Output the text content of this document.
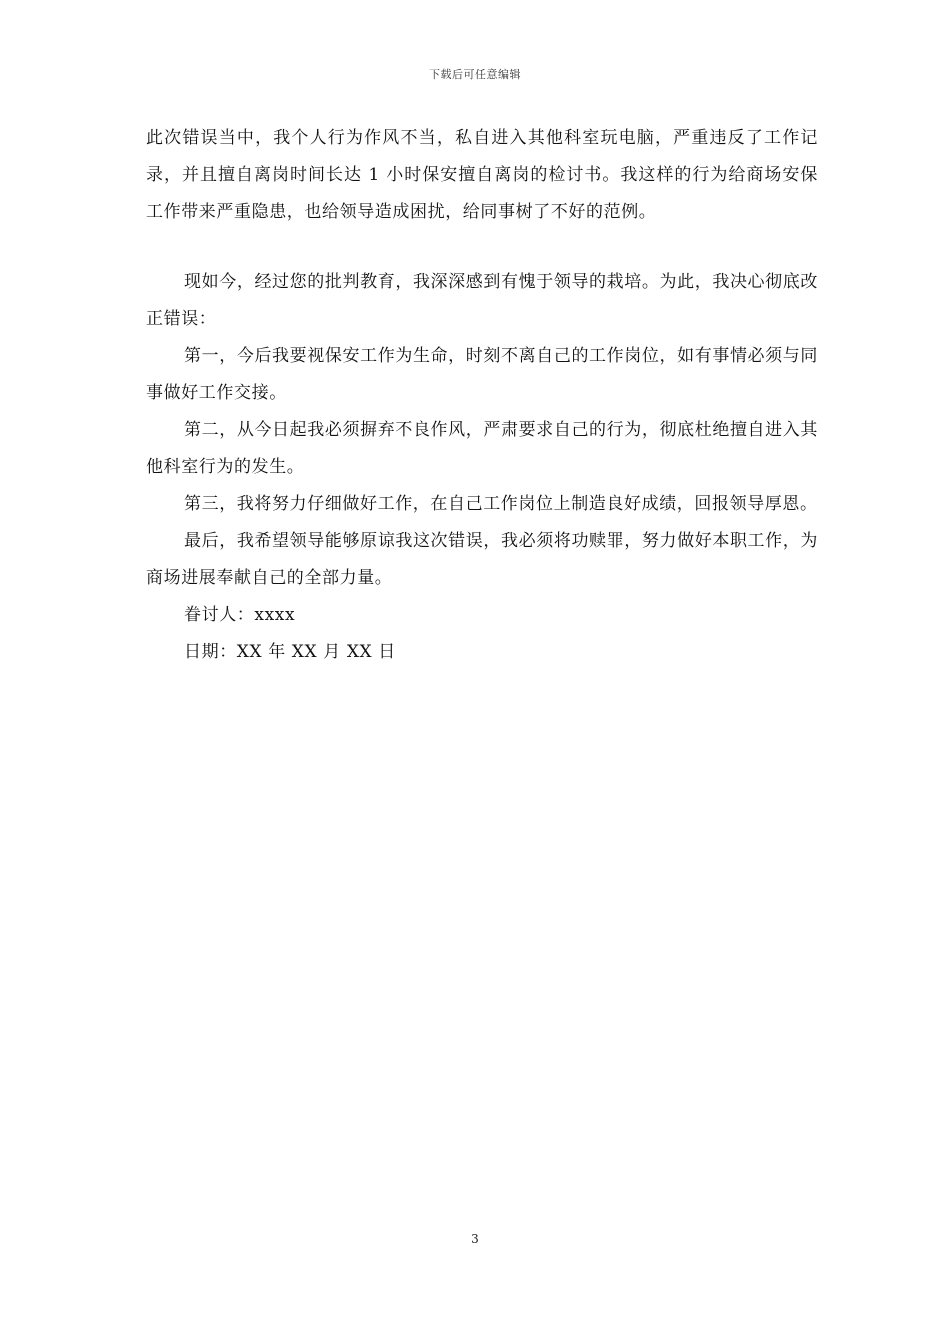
下载后可任意编辑

此次错误当中，我个人行为作风不当，私自进入其他科室玩电脑，严重违反了工作记录，并且擅自离岗时间长达 1 小时保安擅自离岗的检讨书。我这样的行为给商场安保工作带来严重隐患，也给领导造成困扰，给同事树了不好的范例。

现如今，经过您的批判教育，我深深感到有愧于领导的栽培。为此，我决心彻底改正错误：

第一，今后我要视保安工作为生命，时刻不离自己的工作岗位，如有事情必须与同事做好工作交接。

第二，从今日起我必须摒弃不良作风，严肃要求自己的行为，彻底杜绝擅自进入其他科室行为的发生。

第三，我将努力仔细做好工作，在自己工作岗位上制造良好成绩，回报领导厚恩。

最后，我希望领导能够原谅我这次错误，我必须将功赎罪，努力做好本职工作，为商场进展奉献自己的全部力量。

眷讨人：xxxx

日期：XX 年 XX 月 XX 日

3
